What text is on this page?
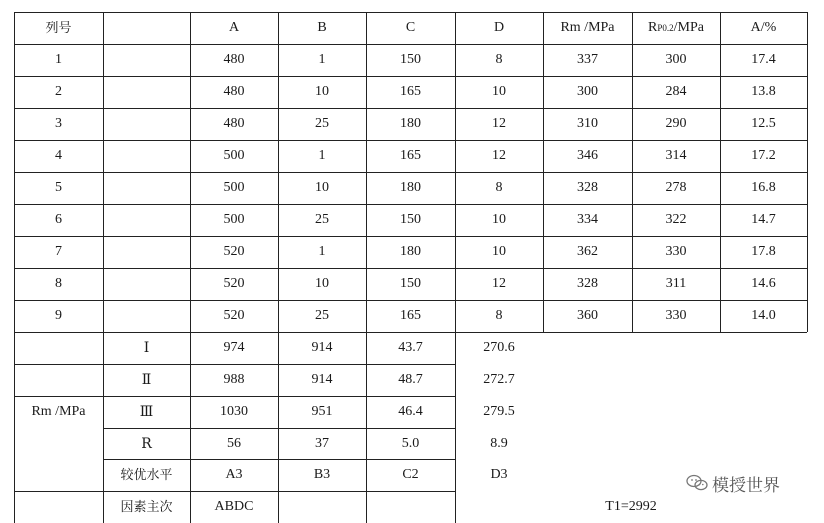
列号	A	B	C	D	Rm /MPa	R P0.2 /MPa	A/%
1	480	1	150	8	337	300	17.4
2	480	10	165	10	300	284	13.8
3	480	25	180	12	310	290	12.5
4	500	1	165	12	346	314	17.2
5	500	10	180	8	328	278	16.8
6	500	25	150	10	334	322	14.7
7	520	1	180	10	362	330	17.8
8	520	10	150	12	328	311	14.6
9	520	25	165	8	360	330	14.0
Ⅰ	974	914	43.7	270.6
Ⅱ	988	914	48.7	272.7
Ⅲ	1030	951	46.4	279.5
R	56	37	5.0	8.9
较优水平	A3	B3	C2	D3
因素主次	ABDC
Rm /MPa
T1=2992
模授世界
